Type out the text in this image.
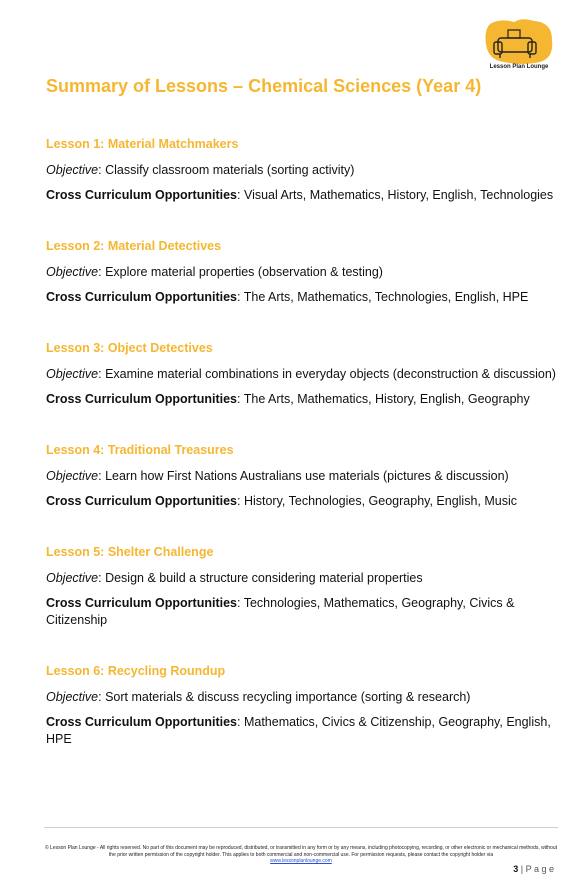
Lesson Plan Lounge
Summary of Lessons – Chemical Sciences (Year 4)
Lesson 1: Material Matchmakers
Objective: Classify classroom materials (sorting activity)
Cross Curriculum Opportunities: Visual Arts, Mathematics, History, English, Technologies
Lesson 2: Material Detectives
Objective: Explore material properties (observation & testing)
Cross Curriculum Opportunities: The Arts, Mathematics, Technologies, English, HPE
Lesson 3: Object Detectives
Objective: Examine material combinations in everyday objects (deconstruction & discussion)
Cross Curriculum Opportunities: The Arts, Mathematics, History, English, Geography
Lesson 4: Traditional Treasures
Objective: Learn how First Nations Australians use materials (pictures & discussion)
Cross Curriculum Opportunities: History, Technologies, Geography, English, Music
Lesson 5: Shelter Challenge
Objective: Design & build a structure considering material properties
Cross Curriculum Opportunities: Technologies, Mathematics, Geography, Civics & Citizenship
Lesson 6: Recycling Roundup
Objective: Sort materials & discuss recycling importance (sorting & research)
Cross Curriculum Opportunities: Mathematics, Civics & Citizenship, Geography, English, HPE
© Lesson Plan Lounge - All rights reserved. No part of this document may be reproduced, distributed, or transmitted in any form or by any means, including photocopying, recording, or other electronic or mechanical methods, without the prior written permission of the copyright holder. This applies to both commercial and non-commercial use. For permission requests, please contact the copyright holder via
www.lessonplanlounge.com
3 | P a g e
